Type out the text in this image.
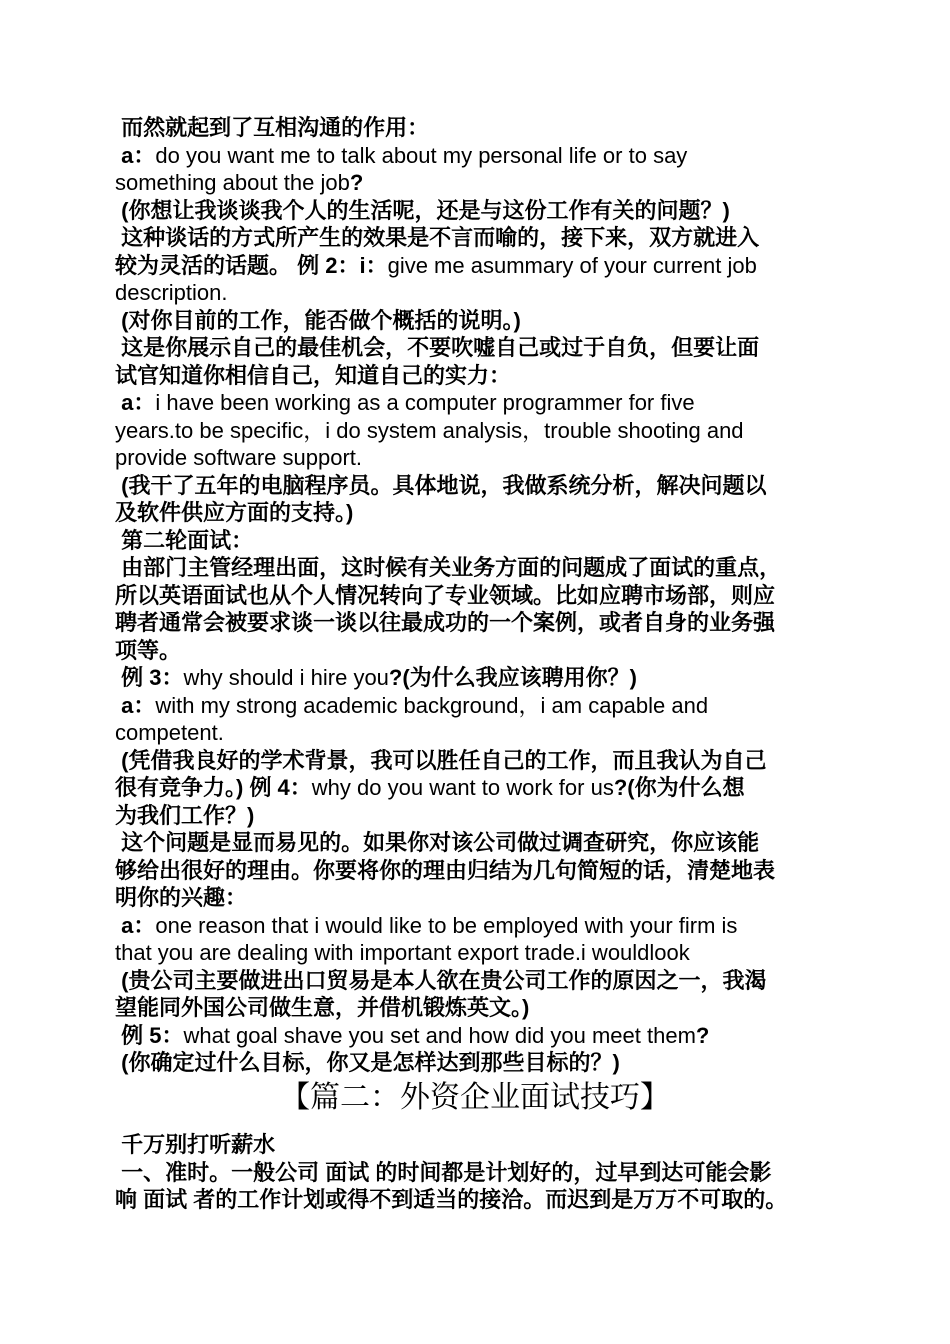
而然就起到了互相沟通的作用：
a：do you want me to talk about my personal life or to say
something about the job?
(你想让我谈谈我个人的生活呢，还是与这份工作有关的问题？)
这种谈话的方式所产生的效果是不言而喻的，接下来，双方就进入
较为灵活的话题。 例 2：i：give me asummary of your current job
description.
(对你目前的工作，能否做个概括的说明。)
这是你展示自己的最佳机会，不要吹嘘自己或过于自负，但要让面
试官知道你相信自己，知道自己的实力：
a：i have been working as a computer programmer for five
years.to be specific，i do system analysis，trouble shooting and
provide software support.
(我干了五年的电脑程序员。具体地说，我做系统分析，解决问题以
及软件供应方面的支持。)
第二轮面试：
由部门主管经理出面，这时候有关业务方面的问题成了面试的重点，
所以英语面试也从个人情况转向了专业领域。比如应聘市场部，则应
聘者通常会被要求谈一谈以往最成功的一个案例，或者自身的业务强
项等。
例 3：why should i hire you?(为什么我应该聘用你？)
a：with my strong academic background，i am capable and
competent.
(凭借我良好的学术背景，我可以胜任自己的工作，而且我认为自己
很有竞争力。) 例 4：why do you want to work for us?(你为什么想
为我们工作？)
这个问题是显而易见的。如果你对该公司做过调查研究，你应该能
够给出很好的理由。你要将你的理由归结为几句简短的话，清楚地表
明你的兴趣：
a：one reason that i would like to be employed with your firm is
that you are dealing with important export trade.i wouldlook
(贵公司主要做进出口贸易是本人欲在贵公司工作的原因之一，我渴
望能同外国公司做生意，并借机锻炼英文。)
例 5：what goal shave you set and how did you meet them?
(你确定过什么目标，你又是怎样达到那些目标的？)
【篇二：外资企业面试技巧】
千万别打听薪水
一、准时。一般公司 面试 的时间都是计划好的，过早到达可能会影
响 面试 者的工作计划或得不到适当的接洽。而迟到是万万不可取的。
